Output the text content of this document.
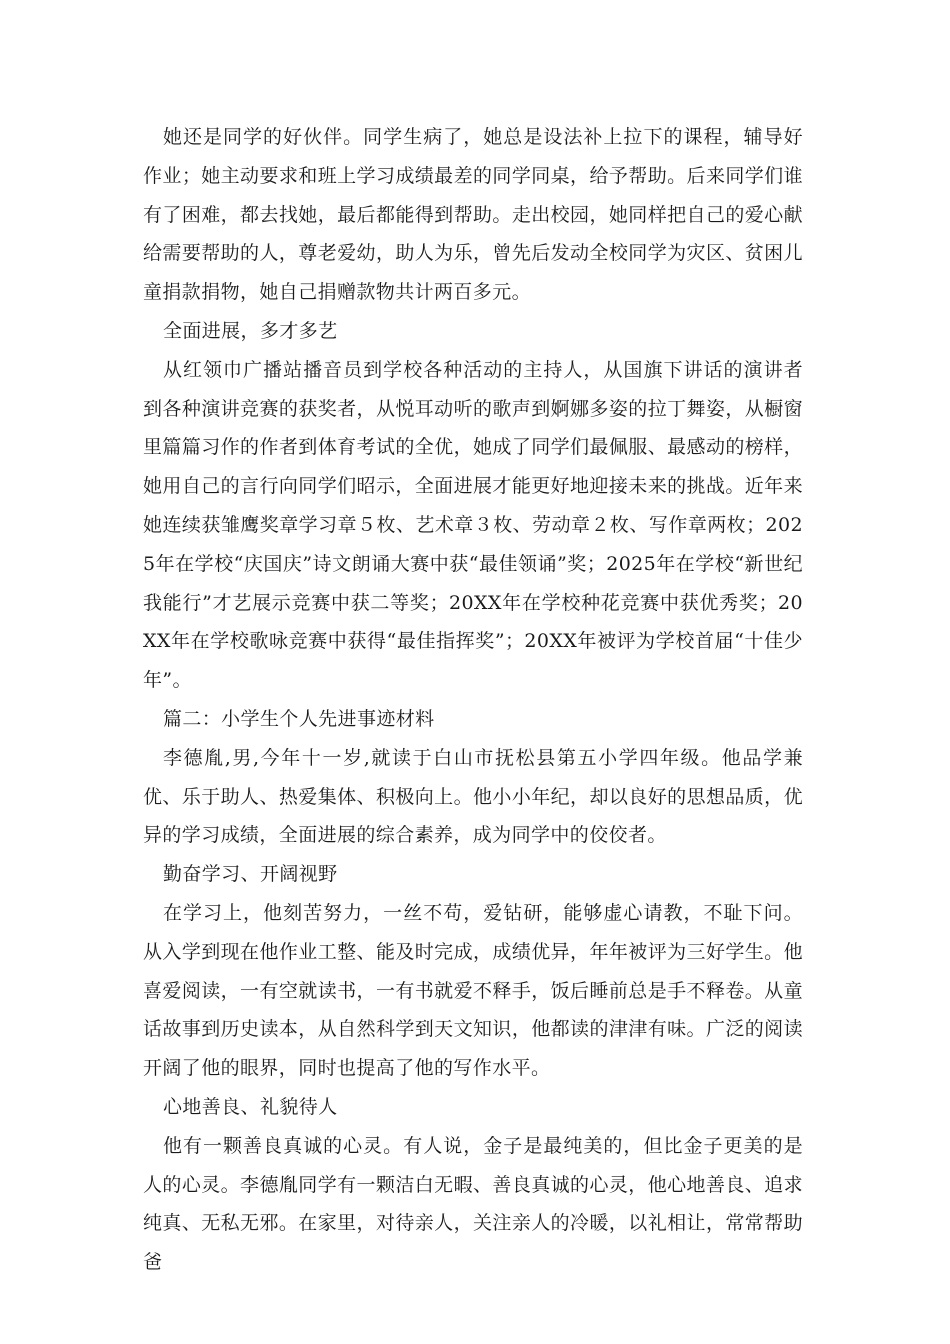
她还是同学的好伙伴。同学生病了，她总是设法补上拉下的课程，辅导好作业；她主动要求和班上学习成绩最差的同学同桌，给予帮助。后来同学们谁有了困难，都去找她，最后都能得到帮助。走出校园，她同样把自己的爱心献给需要帮助的人，尊老爱幼，助人为乐，曾先后发动全校同学为灾区、贫困儿童捐款捐物，她自己捐赠款物共计两百多元。

全面进展，多才多艺

从红领巾广播站播音员到学校各种活动的主持人，从国旗下讲话的演讲者到各种演讲竞赛的获奖者，从悦耳动听的歌声到婀娜多姿的拉丁舞姿，从橱窗里篇篇习作的作者到体育考试的全优，她成了同学们最佩服、最感动的榜样，她用自己的言行向同学们昭示，全面进展才能更好地迎接未来的挑战。近年来她连续获雏鹰奖章学习章５枚、艺术章３枚、劳动章２枚、写作章两枚；2025年在学校“庆国庆”诗文朗诵大赛中获“最佳领诵”奖；2025年在学校“新世纪我能行”才艺展示竞赛中获二等奖；20XX年在学校种花竞赛中获优秀奖；20XX年在学校歌咏竞赛中获得“最佳指挥奖”；20XX年被评为学校首届“十佳少年”。

篇二：小学生个人先进事迹材料

李德胤,男,今年十一岁,就读于白山市抚松县第五小学四年级。他品学兼优、乐于助人、热爱集体、积极向上。他小小年纪，却以良好的思想品质，优异的学习成绩，全面进展的综合素养，成为同学中的佼佼者。

勤奋学习、开阔视野

在学习上，他刻苦努力，一丝不苟，爱钻研，能够虚心请教，不耻下问。从入学到现在他作业工整、能及时完成，成绩优异，年年被评为三好学生。他喜爱阅读，一有空就读书，一有书就爱不释手，饭后睡前总是手不释卷。从童话故事到历史读本，从自然科学到天文知识，他都读的津津有味。广泛的阅读开阔了他的眼界，同时也提高了他的写作水平。

心地善良、礼貌待人

他有一颗善良真诚的心灵。有人说，金子是最纯美的，但比金子更美的是人的心灵。李德胤同学有一颗洁白无暇、善良真诚的心灵，他心地善良、追求纯真、无私无邪。在家里，对待亲人，关注亲人的冷暖，以礼相让，常常帮助爸
